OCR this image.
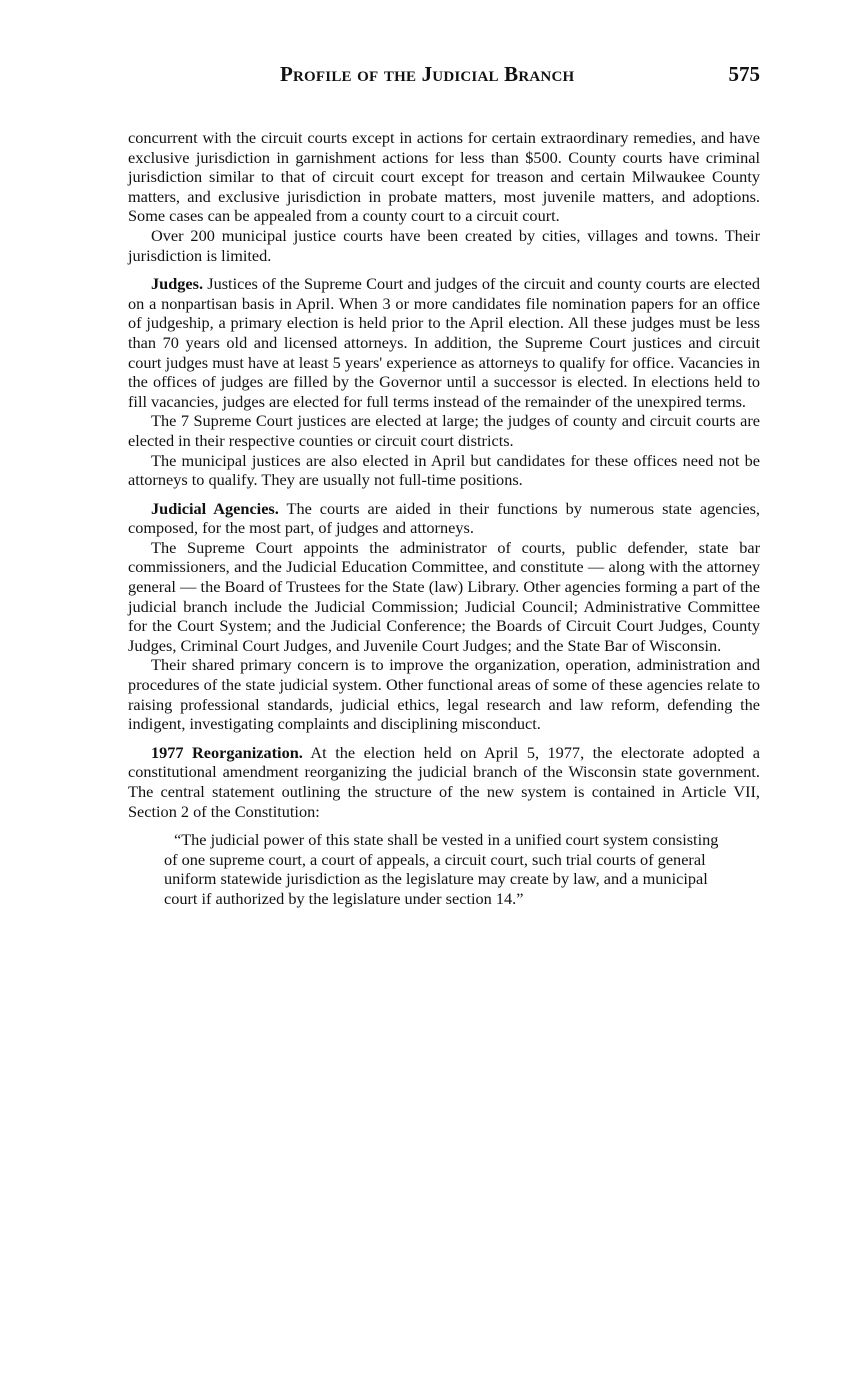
Profile of the Judicial Branch	575

concurrent with the circuit courts except in actions for certain extraordinary remedies, and have exclusive jurisdiction in garnishment actions for less than $500. County courts have criminal jurisdiction similar to that of circuit court except for treason and certain Milwaukee County matters, and exclusive jurisdiction in probate matters, most juvenile matters, and adoptions. Some cases can be appealed from a county court to a circuit court.

Over 200 municipal justice courts have been created by cities, villages and towns. Their jurisdiction is limited.

Judges. Justices of the Supreme Court and judges of the circuit and county courts are elected on a nonpartisan basis in April. When 3 or more candidates file nomination papers for an office of judgeship, a primary election is held prior to the April election. All these judges must be less than 70 years old and licensed attorneys. In addition, the Supreme Court justices and circuit court judges must have at least 5 years' experience as attorneys to qualify for office. Vacancies in the offices of judges are filled by the Governor until a successor is elected. In elections held to fill vacancies, judges are elected for full terms instead of the remainder of the unexpired terms.

The 7 Supreme Court justices are elected at large; the judges of county and circuit courts are elected in their respective counties or circuit court districts.

The municipal justices are also elected in April but candidates for these offices need not be attorneys to qualify. They are usually not full-time positions.

Judicial Agencies. The courts are aided in their functions by numerous state agencies, composed, for the most part, of judges and attorneys.

The Supreme Court appoints the administrator of courts, public defender, state bar commissioners, and the Judicial Education Committee, and constitute — along with the attorney general — the Board of Trustees for the State (law) Library. Other agencies forming a part of the judicial branch include the Judicial Commission; Judicial Council; Administrative Committee for the Court System; and the Judicial Conference; the Boards of Circuit Court Judges, County Judges, Criminal Court Judges, and Juvenile Court Judges; and the State Bar of Wisconsin.

Their shared primary concern is to improve the organization, operation, administration and procedures of the state judicial system. Other functional areas of some of these agencies relate to raising professional standards, judicial ethics, legal research and law reform, defending the indigent, investigating complaints and disciplining misconduct.

1977 Reorganization. At the election held on April 5, 1977, the electorate adopted a constitutional amendment reorganizing the judicial branch of the Wisconsin state government. The central statement outlining the structure of the new system is contained in Article VII, Section 2 of the Constitution:

“The judicial power of this state shall be vested in a unified court system consisting of one supreme court, a court of appeals, a circuit court, such trial courts of general uniform statewide jurisdiction as the legislature may create by law, and a municipal court if authorized by the legislature under section 14.”
